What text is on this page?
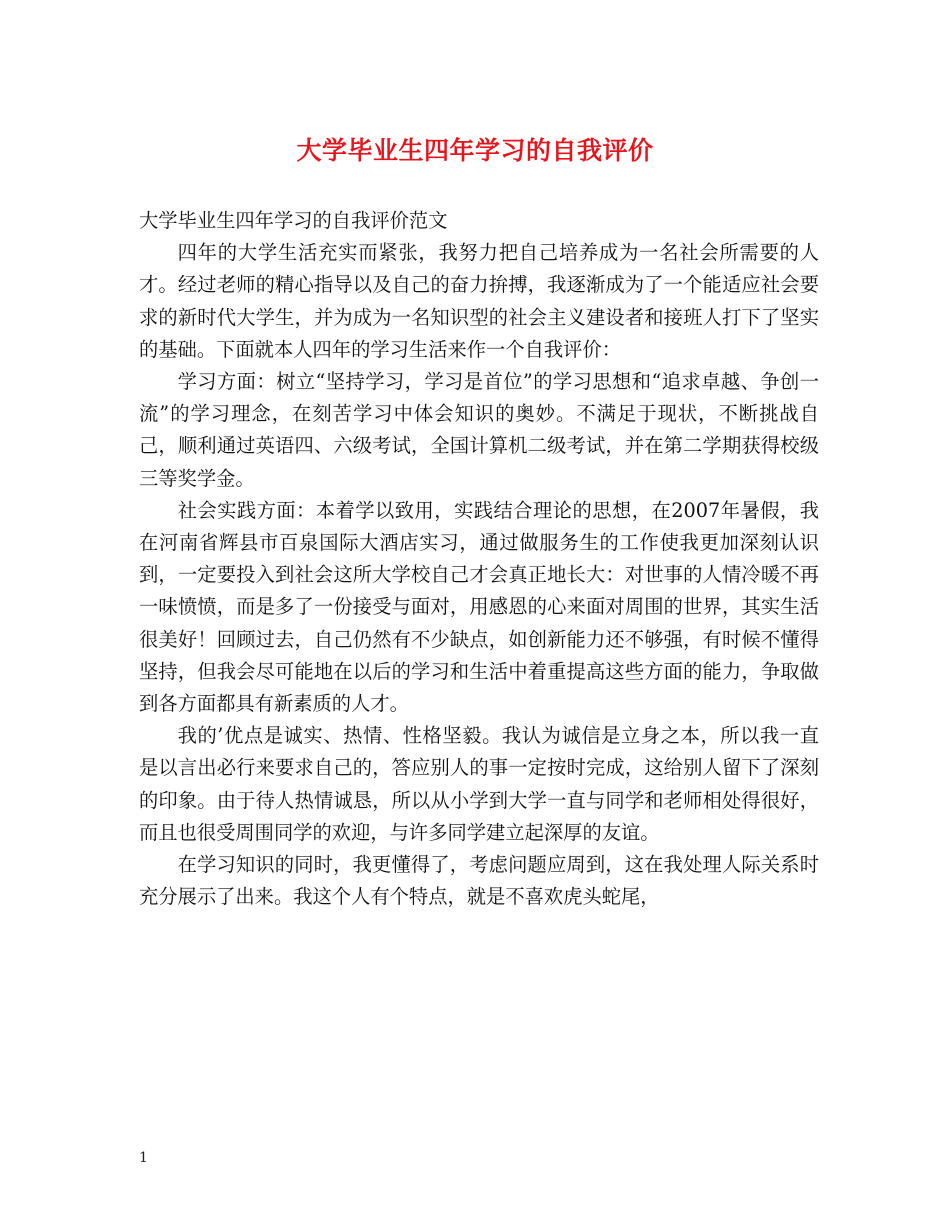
大学毕业生四年学习的自我评价

大学毕业生四年学习的自我评价范文

四年的大学生活充实而紧张，我努力把自己培养成为一名社会所需要的人才。经过老师的精心指导以及自己的奋力拚搏，我逐渐成为了一个能适应社会要求的新时代大学生，并为成为一名知识型的社会主义建设者和接班人打下了坚实的基础。下面就本人四年的学习生活来作一个自我评价：

学习方面：树立“坚持学习，学习是首位”的学习思想和“追求卓越、争创一流”的学习理念，在刻苦学习中体会知识的奥妙。不满足于现状，不断挑战自己，顺利通过英语四、六级考试，全国计算机二级考试，并在第二学期获得校级三等奖学金。

社会实践方面：本着学以致用，实践结合理论的思想，在2007年暑假，我在河南省辉县市百泉国际大酒店实习，通过做服务生的工作使我更加深刻认识到，一定要投入到社会这所大学校自己才会真正地长大：对世事的人情冷暖不再一味愤愤，而是多了一份接受与面对，用感恩的心来面对周围的世界，其实生活很美好！回顾过去，自己仍然有不少缺点，如创新能力还不够强，有时候不懂得坚持，但我会尽可能地在以后的学习和生活中着重提高这些方面的能力，争取做到各方面都具有新素质的人才。

我的’优点是诚实、热情、性格坚毅。我认为诚信是立身之本，所以我一直是以言出必行来要求自己的，答应别人的事一定按时完成，这给别人留下了深刻的印象。由于待人热情诚恳，所以从小学到大学一直与同学和老师相处得很好，而且也很受周围同学的欢迎，与许多同学建立起深厚的友谊。

在学习知识的同时，我更懂得了，考虑问题应周到，这在我处理人际关系时充分展示了出来。我这个人有个特点，就是不喜欢虎头蛇尾，

1
